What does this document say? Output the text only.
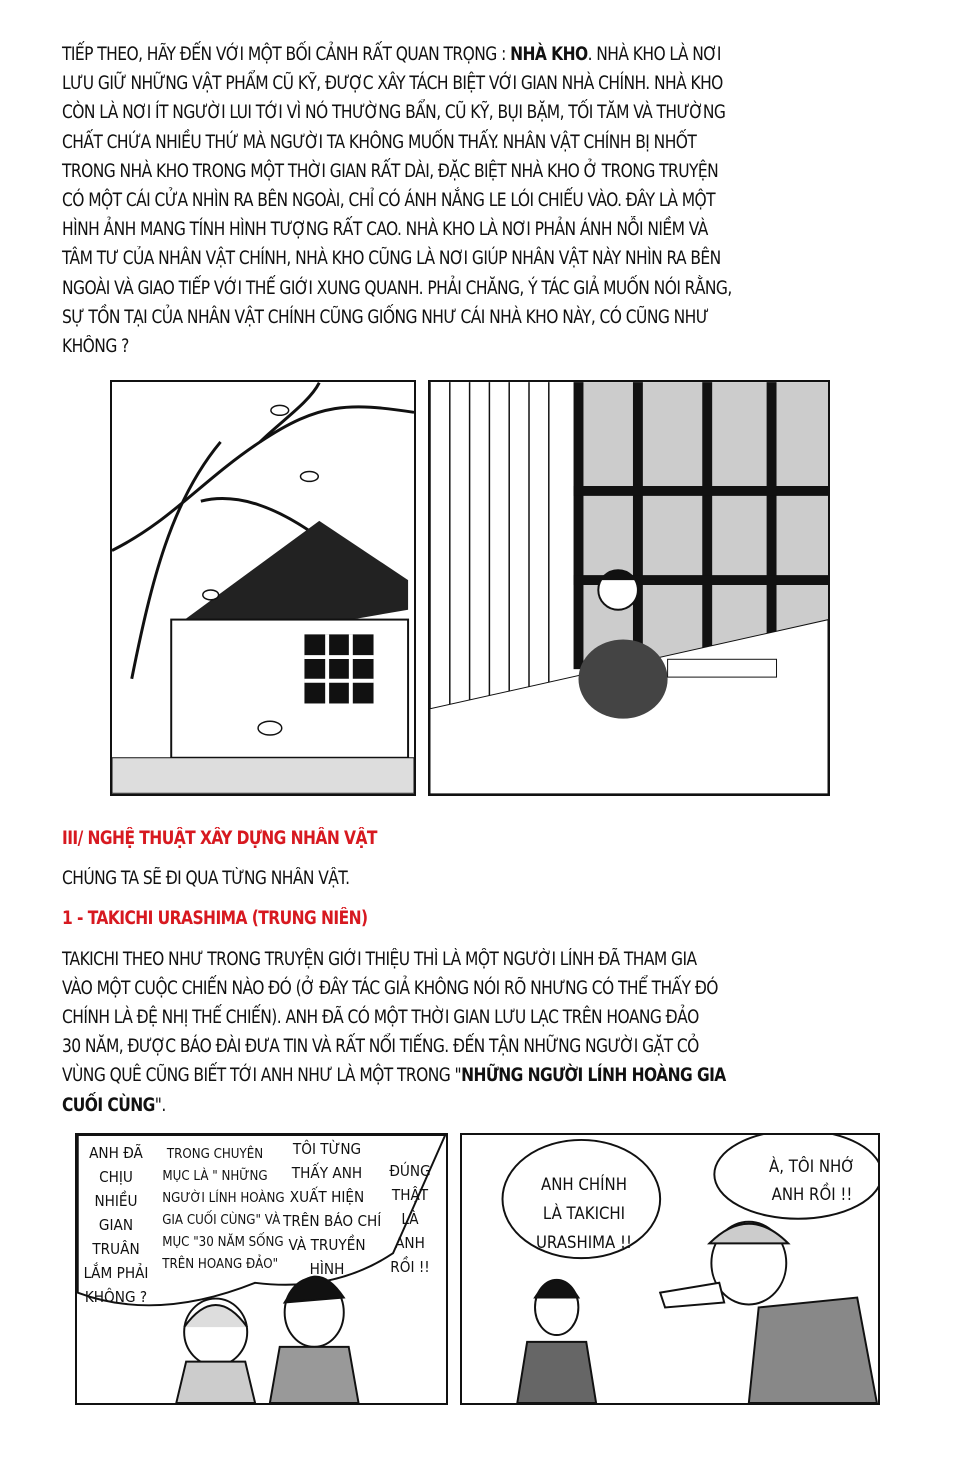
TIẾP THEO, HÃY ĐẾN VỚI MỘT BỐI CẢNH RẤT QUAN TRỌNG : NHÀ KHO. NHÀ KHO LÀ NƠI
LƯU GIỮ NHỮNG VẬT PHẨM CŨ KỸ, ĐƯỢC XÂY TÁCH BIỆT VỚI GIAN NHÀ CHÍNH. NHÀ KHO
CÒN LÀ NƠI ÍT NGƯỜI LUI TỚI VÌ NÓ THƯỜNG BẨN, CŨ KỸ, BỤI BẶM, TỐI TĂM VÀ THƯỜNG
CHẤT CHỨA NHIỀU THỨ MÀ NGƯỜI TA KHÔNG MUỐN THẤY. NHÂN VẬT CHÍNH BỊ NHỐT
TRONG NHÀ KHO TRONG MỘT THỜI GIAN RẤT DÀI, ĐẶC BIỆT NHÀ KHO Ở TRONG TRUYỆN
CÓ MỘT CÁI CỬA NHÌN RA BÊN NGOÀI, CHỈ CÓ ÁNH NẮNG LE LÓI CHIẾU VÀO. ĐÂY LÀ MỘT
HÌNH ẢNH MANG TÍNH HÌNH TƯỢNG RẤT CAO. NHÀ KHO LÀ NƠI PHẢN ÁNH NỖI NIỀM VÀ
TÂM TƯ CỦA NHÂN VẬT CHÍNH, NHÀ KHO CŨNG LÀ NƠI GIÚP NHÂN VẬT NÀY NHÌN RA BÊN
NGOÀI VÀ GIAO TIẾP VỚI THẾ GIỚI XUNG QUANH. PHẢI CHĂNG, Ý TÁC GIẢ MUỐN NÓI RẰNG,
SỰ TỒN TẠI CỦA NHÂN VẬT CHÍNH CŨNG GIỐNG NHƯ CÁI NHÀ KHO NÀY, CÓ CŨNG NHƯ
KHÔNG ?
III/ NGHỆ THUẬT XÂY DỰNG NHÂN VẬT
CHÚNG TA SẼ ĐI QUA TỪNG NHÂN VẬT.
1 - TAKICHI URASHIMA (TRUNG NIÊN)
TAKICHI THEO NHƯ TRONG TRUYỆN GIỚI THIỆU THÌ LÀ MỘT NGƯỜI LÍNH ĐÃ THAM GIA
VÀO MỘT CUỘC CHIẾN NÀO ĐÓ (Ở ĐÂY TÁC GIẢ KHÔNG NÓI RÕ NHƯNG CÓ THỂ THẤY ĐÓ
CHÍNH LÀ ĐỆ NHỊ THẾ CHIẾN). ANH ĐÃ CÓ MỘT THỜI GIAN LƯU LẠC TRÊN HOANG ĐẢO
30 NĂM, ĐƯỢC BÁO ĐÀI ĐƯA TIN VÀ RẤT NỔI TIẾNG. ĐẾN TẬN NHỮNG NGƯỜI GẶT CỎ
VÙNG QUÊ CŨNG BIẾT TỚI ANH NHƯ LÀ MỘT TRONG "NHỮNG NGƯỜI LÍNH HOÀNG GIA
CUỐI CÙNG".
ANH ĐÃ
CHỊU
NHIỀU
GIAN
TRUÂN
LẮM PHẢI
KHÔNG ?
TRONG CHUYÊN
MỤC LÀ " NHỮNG
NGƯỜI LÍNH HOÀNG
GIA CUỐI CÙNG" VÀ
MỤC "30 NĂM SỐNG
TRÊN HOANG ĐẢO"
TÔI TỪNG
THẤY ANH
XUẤT HIỆN
TRÊN BÁO CHÍ
VÀ TRUYỀN
HÌNH
ĐÚNG
THẬT
LÀ
ANH
RỒI !!
ANH CHÍNH
LÀ TAKICHI
URASHIMA !!
À, TÔI NHỚ
ANH RỒI !!
